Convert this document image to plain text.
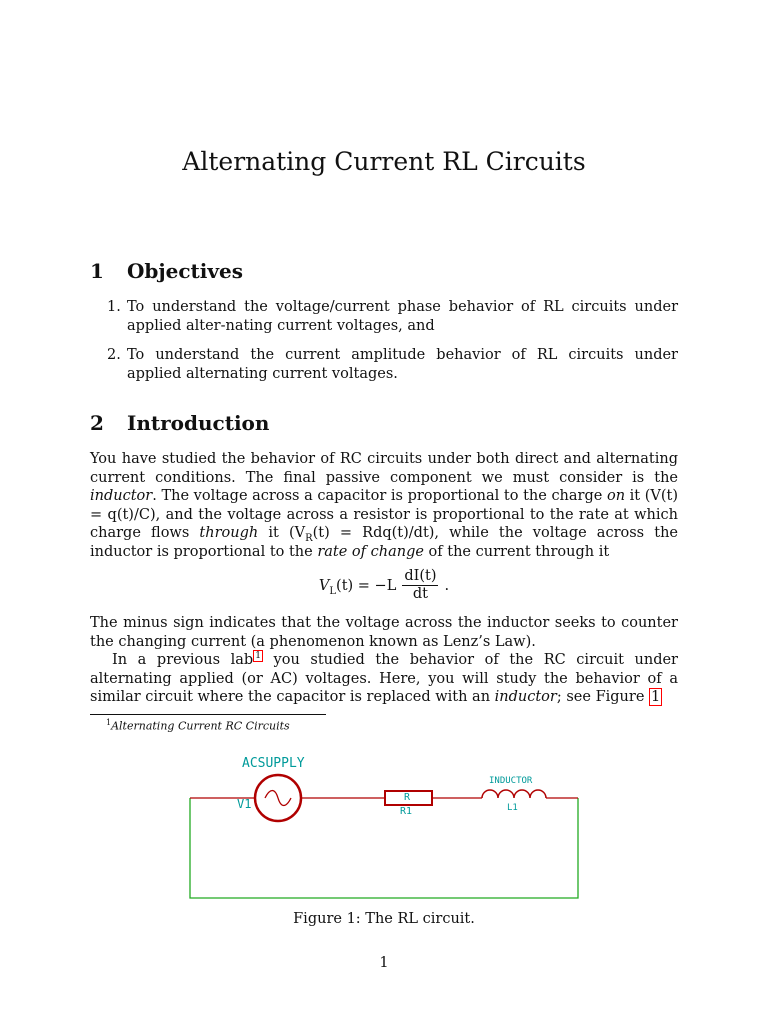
Alternating Current RL Circuits
1 Objectives
1. To understand the voltage/current phase behavior of RL circuits under applied alter-nating current voltages, and
2. To understand the current amplitude behavior of RL circuits under applied alternating current voltages.
2 Introduction

You have studied the behavior of RC circuits under both direct and alternating current conditions. The final passive component we must consider is the inductor. The voltage across a capacitor is proportional to the charge on it (V(t) = q(t)/C), and the voltage across a resistor is proportional to the rate at which charge flows through it $(V_R(t) = Rdq(t)/dt)$, while the voltage across the inductor is proportional to the rate of change of the current through it

$V_L(t) = -L \frac{dI(t)}{dt}$ .

The minus sign indicates that the voltage across the inductor seeks to counter the changing current (a phenomenon known as Lenz’s Law).

In a previous lab $^1$ you studied the behavior of the RC circuit under alternating applied (or AC) voltages. Here, you will study the behavior of a similar circuit where the capacitor is replaced with an inductor; see Figure 1

$^1$Alternating Current RC Circuits
ACSUPPLY
V1	R
R1
INDUCTOR
L1
Figure 1: The RL circuit.
1
